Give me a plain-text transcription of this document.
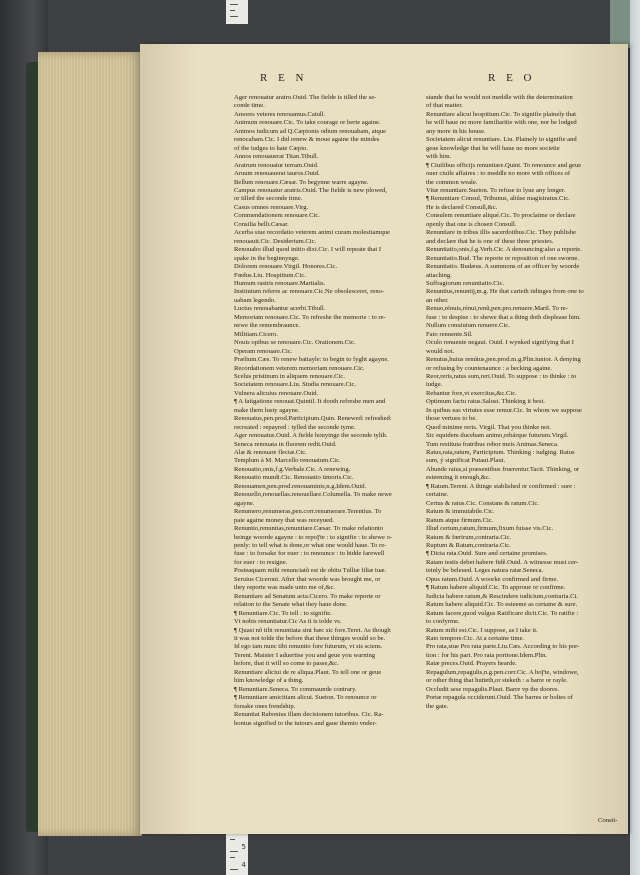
5
4
R E N	R E O
Ager renouatur aratro.Ouid. The fielde is tilled the se-
conde time.
Amores veteres renouamus.Catull.
Animum renouare.Cic. To take courage or herte againe.
Animos iudicum ad Q.Cæpionis odium renouabam, atque
renocabam.Cic. I did renew & moue againe the mindes
of the iudges to hate Cæpio.
Annos renouauerat Titan.Tibull.
Aratrum renouatur terram.Ouid.
Aruum renouauerat tauros.Ouid.
Bellum renouare.Cæsar. To begynne warre agayne.
Campus renouatur aratris.Ouid. The fielde is new plowed,
or tilled the seconde time.
Casus omnes renouare.Virg.
Commendationem renouare.Cic.
Consilia belli.Cæsar.
Acerba siue recordatio veterem animi curam molestiamque
renouauit.Cic. Desiderium.Cic.
Renouabo illud quod initio dixi.Cic. I will repeate that I
spake in the beginnynge.
Dolorem renouare.Virgil. Honores.Cic.
Fœdus.Liu. Hospitium.Cic.
Humum rastris renouare.Martialis.
Institutum referre ac renouare.Cic.Ne obsolesceret, reno-
uabam legendo.
Luctus renouabantur acerbi.Tibull.
Memoriam renouare.Cic. To refreshe the memorie : to re-
newe the remembraunce.
Militiam.Cicero.
Nouis opibus se renouare.Cic. Orationem.Cic.
Operam renouare.Cic.
Prælium.Cæs. To renew battayle: to begin to fyght agayne.
Recordationem veterem memoriam renouare.Cic.
Scelus pristinum in aliquem renouare.Cic.
Societatem renouare.Liu. Studia renouare.Cic.
Vulnera alicuius renouare.Ouid.
¶ A fatigatione renouat.Quintil. It dooth refreshe men and
make them lusty agayne.
Renouatus,pen.prod.Participium.Quin. Renewed: refreshed:
recreated : repayred : tylled the seconde tyme.
Ager renouatus.Ouid. A fielde houyinge the seconde tylth.
Seneca renouata in fluorem redit.Ouid.
Alæ & renouare flectæ.Cic.
Templum à M. Marcello renouatum.Cic.
Renouatio,onis,f.g.Verbale.Cic. A renewing.
Renouatio mundi.Cic. Renouatio timoris.Cic.
Renouamen,pen.prod.renouaminis,n.g.Idem.Ouid.
Renouello,renouellas.renouellare.Columella. To make newe
agayne.
Renumero,renumeras,pen.corr.renumerare.Terentius. To
paie againe money that was receyued.
Renuntio,renuntias,renuntiare.Cæsar. To make relationto
beinge woorde agaynе : to repoꞅte : to signifie : to shewe o-
penly: to tell what is done,or what one would haue. To re-
fuse : to forsake for euer : to renounce : to bidde farewell
for euer : to resigne.
Posteaquam mihi renunciatũ est de obitu Tulliæ filiæ tuæ.
Seruius Ciceroni. After that woorde was brought me, or
they reporte was made unto me of,&c.
Renuntiare ad Senatum acta.Cicero. To make reporte or
relation to the Senate what they haue done.
¶ Renuntiare.Cic. To tell : to signifie.
Vt nobis renuntiatur.Cic As it is tolde vs.
¶ Quasi nõ tibi renuntiata sint hæc sic fore.Teret. As though
it was not tolde the before that these thinges would so be.
Id ego iam nunc tibi renuntio fore futurum, vt sis sciens.
Terent. Maister I aduertise you and geue you warning
before, that it will so come to passe,&c.
Renuntiare aliciui de re aliqua.Plaut. To tell one or geue
him knowledge of a thing.
¶ Renuntiare.Seneca. To commaunde contrary.
¶ Renuntiare amicitiam alicui. Sueton. To renounce or
forsake ones frendship.
Renuntiat Rabonius illam decisionem tutoribus. Cic. Ra-
bonius signified to the tutours and gaue themto vnder-
stande that he would not meddle with the determination
of that matter.
Renuntiare alicui hospitium.Cic. To signifie plainely that
he will haue no more familiaritie with one, nor be lodged
any more in his house.
Societatem alicui renuntiare. Liu. Plainely to signifie and
geue knowledge that he will haue no more societie
with him.
¶ Ciuilibus officijs renuntiare.Quint. To renounce and geue
ouer ciuile affaires : to meddle no more with offices of
the common weale.
Vitæ renuntiare.Sueton. To refuse to lyue any longer.
¶ Renuntiare Consul, Tribunus, aliúse magistratus.Cic.
He is declared Consull,&c.
Consulem renuntiare aliqué.Cic. To proclaime or declare
openly that one is chosen Consull.
Renuntiare in tribus illis sacerdotibus.Cic. They publishe
and declare that he is one of these three priestes.
Renuntiatio,onis,f.g.Verb.Cic. A denouncing:also a reporte.
Renuntiatio.Bud. The reporte or reposition of one sworne.
Renuntiatio. Budæus. A summons of an officer by woorde
attaching.
Suffragiorum renuntiatio.Cic.
Renuntius,renuntij,m.g. He that carieth tidinges from one to
an other.
Renuo,rénuis,rénui,renũ,pen.pro.renuere.Martl. To re-
fuse : to despise : to shewe that a thing doth displease him.
Nullum conuiuium renuere.Cic.
Fato renuente.Sil.
Oculo renuente negaui. Ouid. I wynked signifying that I
would not.
Renutus,huius renútus,pen.prod.m.g.Plin.iunior. A denying
or refusing by countenaunce : a becking againe.
Reor,reris,ratus sum,reri.Ouid. To suppose : to thinke : to
iudge.
Rebantur fore,vt exercitus,&c.Cic.
Optimum factu ratus.Salust. Thinking it best.
In quibus eas virtutes esse remur.Cic. In whom we suppose
those vertues to be.
Quod minime reris. Virgil. That you thinke not.
Sic equidem ducebam animo,rebárque futurum.Virgil.
Tum restituta fratribus rebor meis Animas.Seneca.
Ratus,rata,ratum, Participium. Thinking : iudging. Ratus
sum, ý significat Putaui.Plaut.
Abunde ratus,si præsentibus fruerentur.Tacit. Thinking, or
esteeming it enough,&c.
¶ Ratum.Terent. A thinge stablished or confirmed : sure :
certaine.
Certus & ratus.Cic. Constans & ratum.Cic.
Ratum & immutabile.Cic.
Ratum atque firmum.Cic.
Illud certum,ratum,firmum,fixum fuisse vis.Cic.
Ratum & fœrirum,contraria.Cic.
Ruptum & Ratum,contraria.Cic.
¶ Dicta rata.Ouid. Sure and certaine promises.
Ratam testis debet habere fidě.Ouid. A witnesse must cer-
teinly be beleued. Leges natura ratæ.Seneca.
Opus ratum.Ouid. A woorke confirmed and firme.
¶ Ratum habere aliquid.Cic. To approue or confirme.
Iudicia habere ratum,& Rescindere iudicium,contraria.Ci.
Ratum habere aliquid.Cic. To esteeme as certaine & sure.
Ratum facere,quod vulgus Ratificare dicit.Cic. To ratifie :
to confyrme.
Ratum mihi est.Cic. I suppose, as I take it.
Rato tempore.Cic. At a certaine time.
Pro rata,siue Pro rata parte.Liu.Cæs. According to his por-
tion : for his part. Pro rata portione.Idem.Plin.
Ratæ preces.Ouid. Prayers hearde.
Repagulum,repagulis,n.g.pen.corr.Cic. A boꞅte, windowe,
or other thing that hutteth,or steketh : a barre or rayle.
Occludit sese repagulis.Plaut. Barre vp the doores.
Portæ repagula occiderunt.Ouid. The barres or boltes of
the gate.
Consti-
